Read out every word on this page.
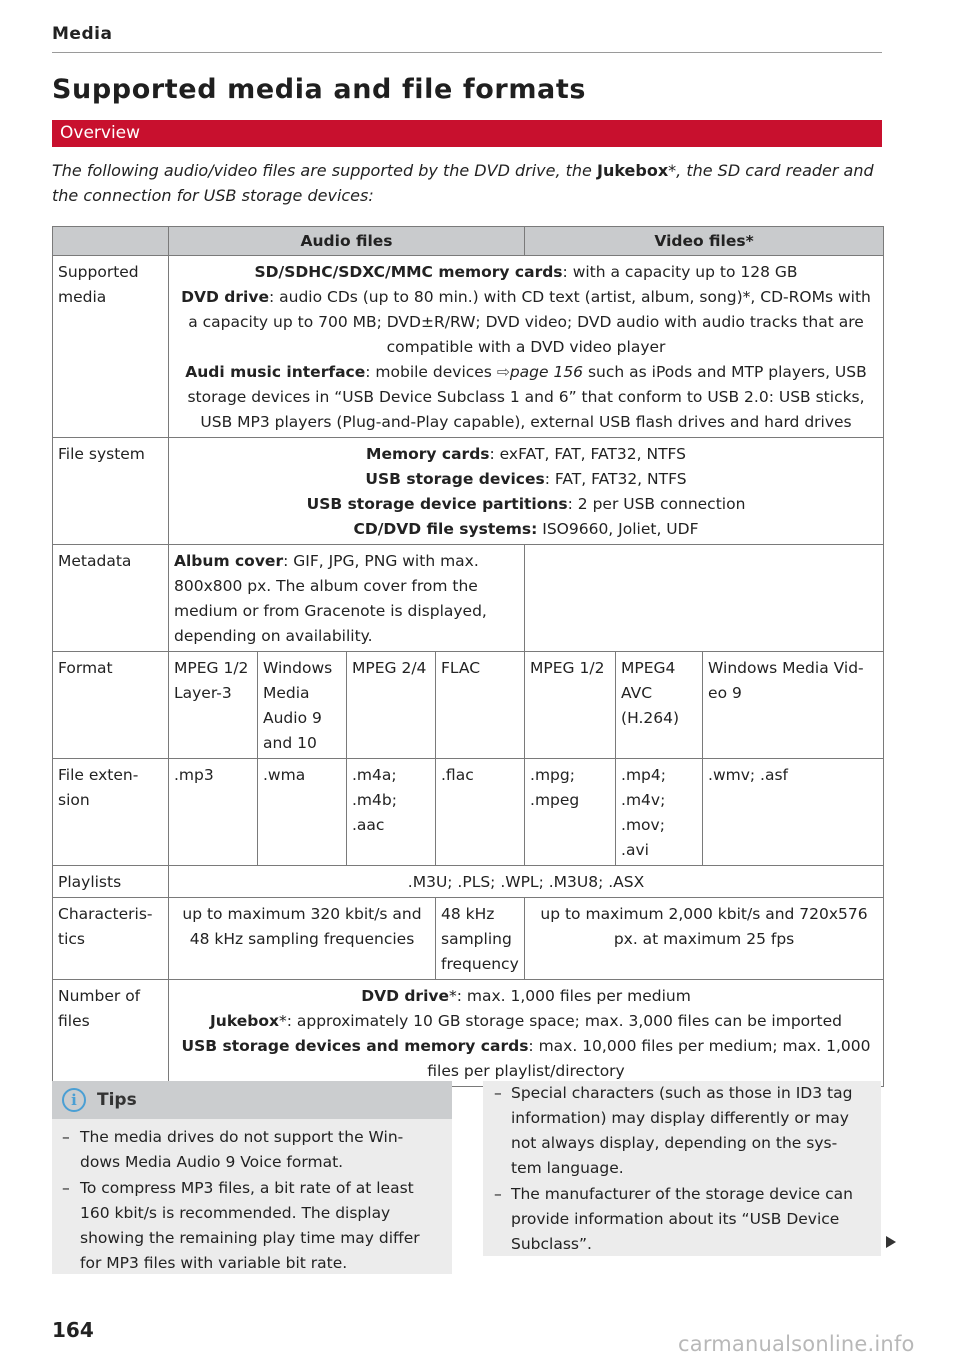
Media
Supported media and file formats
Overview

The following audio/video files are supported by the DVD drive, the Jukebox*, the SD card reader and the connection for USB storage devices:

	Audio files				Video files*		
Supported media	SD/SDHC/SDXC/MMC memory cards: with a capacity up to 128 GB
DVD drive: audio CDs (up to 80 min.) with CD text (artist, album, song)*, CD-ROMs with a capacity up to 700 MB; DVD±R/RW; DVD video; DVD audio with audio tracks that are compatible with a DVD video player
Audi music interface: mobile devices ⇨page 156 such as iPods and MTP players, USB storage devices in “USB Device Subclass 1 and 6” that conform to USB 2.0: USB sticks, USB MP3 players (Plug-and-Play capable), external USB flash drives and hard drives						

File system	Memory cards: exFAT, FAT, FAT32, NTFS
USB storage devices: FAT, FAT32, NTFS
USB storage device partitions: 2 per USB connection
CD/DVD file systems: ISO9660, Joliet, UDF						

Metadata	Album cover: GIF, JPG, PNG with max. 800x800 px. The album cover from the medium or from Gracenote is displayed, depending on availability.						
Format	MPEG 1/2 Layer-3	Windows Media Audio 9 and 10	MPEG 2/4	FLAC	MPEG 1/2	MPEG4 AVC (H.264)	Windows Media Vid-eo 9
File exten-sion	.mp3	.wma	.m4a; .m4b; .aac	.flac	.mpg; .mpeg	.mp4; .m4v; .mov; .avi	.wmv; .asf
Playlists	.M3U; .PLS; .WPL; .M3U8; .ASX						
Characteris-tics	up to maximum 320 kbit/s and 48 kHz sampling frequencies			48 kHz sampling frequency	up to maximum 2,000 kbit/s and 720x576 px. at maximum 25 fps		
Number of files	DVD drive*: max. 1,000 files per medium
Jukebox*: approximately 10 GB storage space; max. 3,000 files can be imported
USB storage devices and memory cards: max. 10,000 files per medium; max. 1,000 files per playlist/directory						
i	Tips
– The media drives do not support the Win-dows Media Audio 9 Voice format.
– To compress MP3 files, a bit rate of at least 160 kbit/s is recommended. The display showing the remaining play time may differ for MP3 files with variable bit rate.
– Special characters (such as those in ID3 tag information) may display differently or may not always display, depending on the sys-tem language.
– The manufacturer of the storage device can provide information about its “USB Device Subclass”.
164
carmanualsonline.info
